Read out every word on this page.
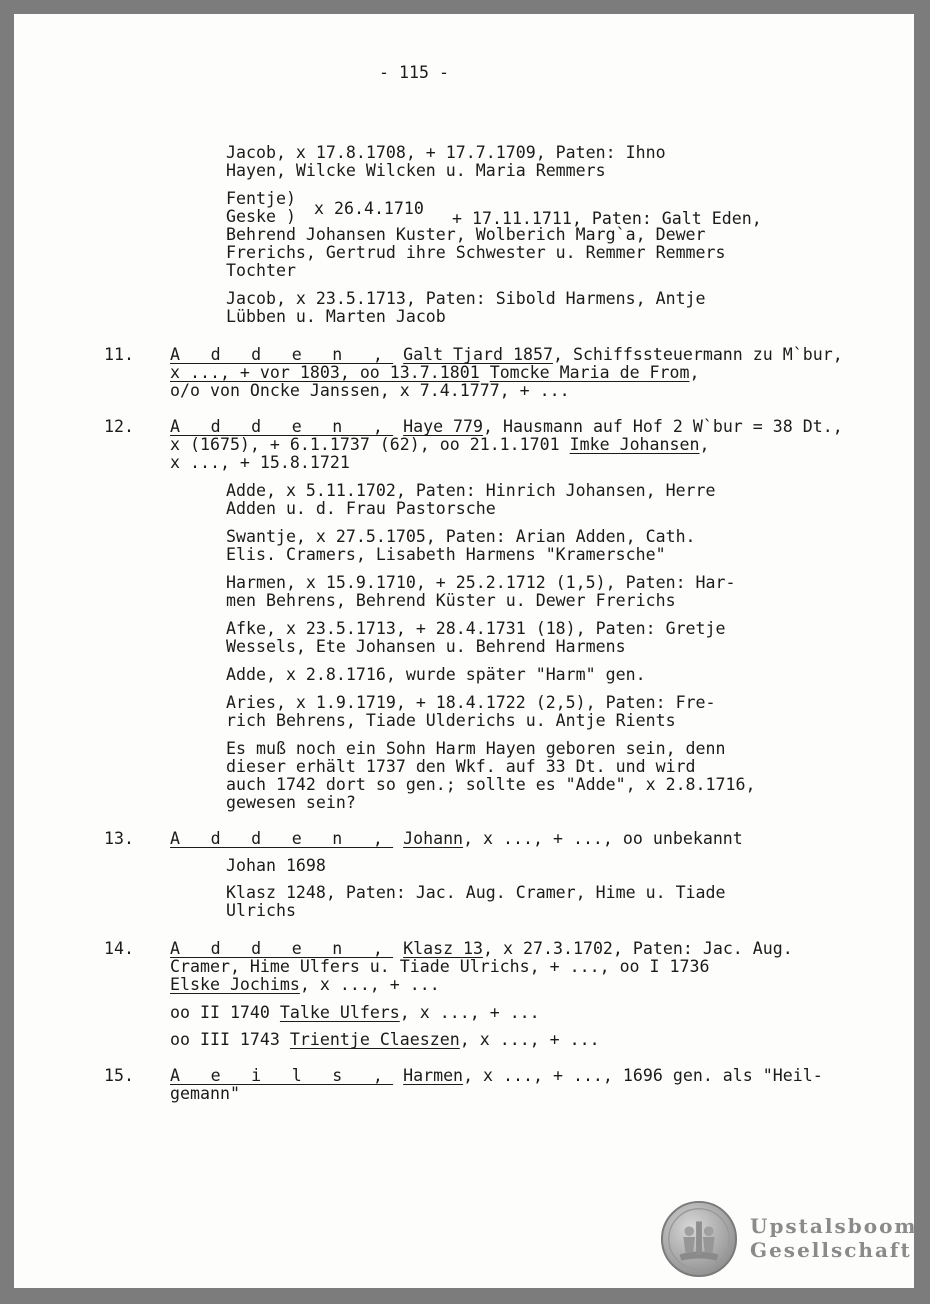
- 115 -
Jacob, x 17.8.1708, + 17.7.1709, Paten: Ihno
Hayen, Wilcke Wilcken u. Maria Remmers
Fentje)
Geske ) x 26.4.1710
+ 17.11.1711, Paten: Galt Eden,
Behrend Johansen Kuster, Wolberich Marg`a, Dewer
Frerichs, Gertrud ihre Schwester u. Remmer Remmers
Tochter
Jacob, x 23.5.1713, Paten: Sibold Harmens, Antje
Lübben u. Marten Jacob
11. A d d e n , Galt Tjard 1857, Schiffssteuermann zu M`bur,
x ..., + vor 1803, oo 13.7.1801 Tomcke Maria de From,
o/o von Oncke Janssen, x 7.4.1777, + ...
12. A d d e n , Haye 779, Hausmann auf Hof 2 W`bur = 38 Dt.,
x (1675), + 6.1.1737 (62), oo 21.1.1701 Imke Johansen,
x ..., + 15.8.1721
Adde, x 5.11.1702, Paten: Hinrich Johansen, Herre
Adden u. d. Frau Pastorsche
Swantje, x 27.5.1705, Paten: Arian Adden, Cath.
Elis. Cramers, Lisabeth Harmens "Kramersche"
Harmen, x 15.9.1710, + 25.2.1712 (1,5), Paten: Har-
men Behrens, Behrend Küster u. Dewer Frerichs
Afke, x 23.5.1713, + 28.4.1731 (18), Paten: Gretje
Wessels, Ete Johansen u. Behrend Harmens
Adde, x 2.8.1716, wurde später "Harm" gen.
Aries, x 1.9.1719, + 18.4.1722 (2,5), Paten: Fre-
rich Behrens, Tiade Ulderichs u. Antje Rients
Es muß noch ein Sohn Harm Hayen geboren sein, denn
dieser erhält 1737 den Wkf. auf 33 Dt. und wird
auch 1742 dort so gen.; sollte es "Adde", x 2.8.1716,
gewesen sein?
13. A d d e n , Johann, x ..., + ..., oo unbekannt
Johan 1698
Klasz 1248, Paten: Jac. Aug. Cramer, Hime u. Tiade
Ulrichs
14. A d d e n , Klasz 13, x 27.3.1702, Paten: Jac. Aug.
Cramer, Hime Ulfers u. Tiade Ulrichs, + ..., oo I 1736
Elske Jochims, x ..., + ...
oo II 1740 Talke Ulfers, x ..., + ...
oo III 1743 Trientje Claeszen, x ..., + ...
15. A e i l s , Harmen, x ..., + ..., 1696 gen. als "Heil-
gemann"
Upstalsboom
Gesellschaft
